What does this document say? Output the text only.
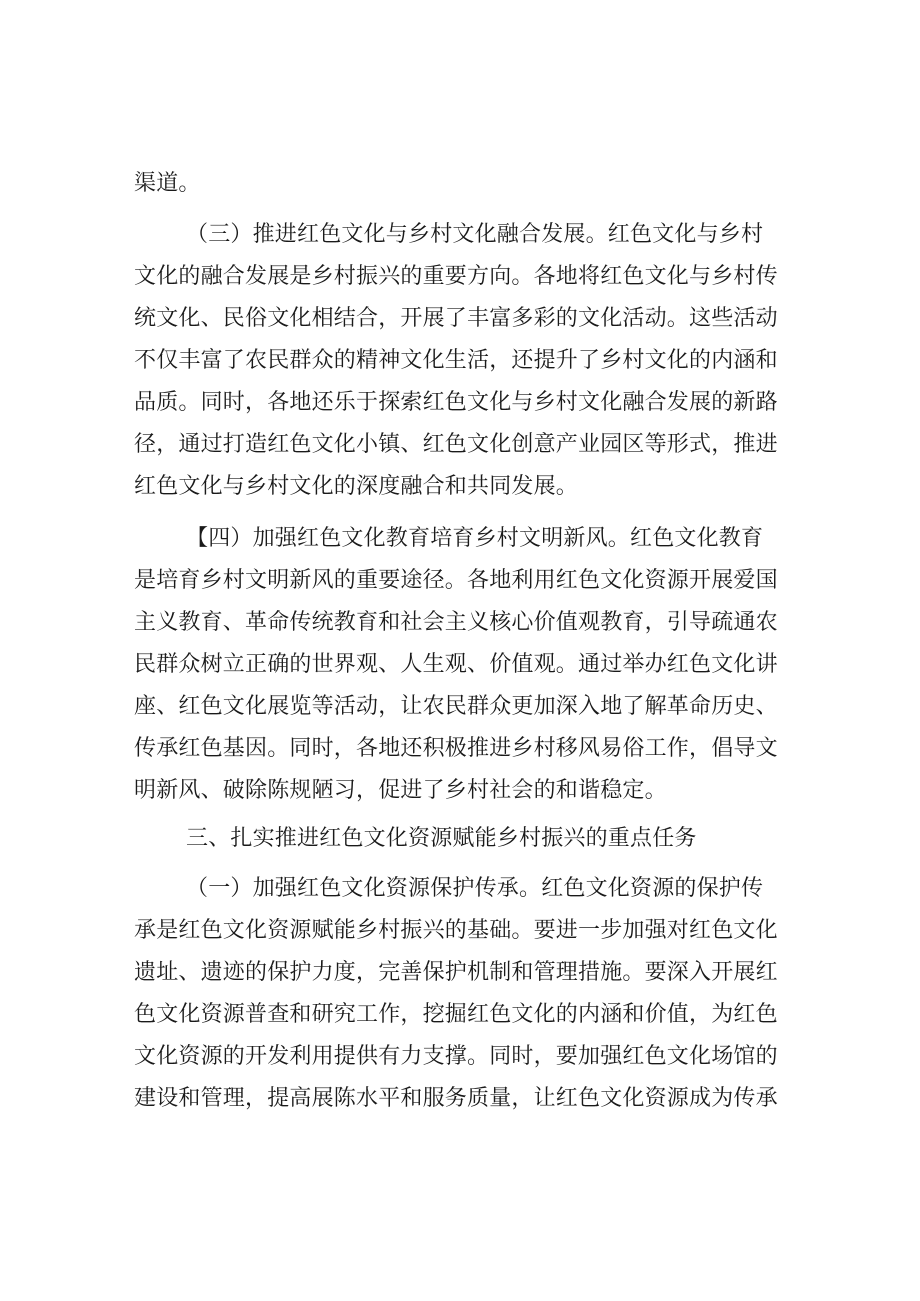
渠道。
（三）推进红色文化与乡村文化融合发展。红色文化与乡村
文化的融合发展是乡村振兴的重要方向。各地将红色文化与乡村传
统文化、民俗文化相结合，开展了丰富多彩的文化活动。这些活动
不仅丰富了农民群众的精神文化生活，还提升了乡村文化的内涵和
品质。同时，各地还乐于探索红色文化与乡村文化融合发展的新路
径，通过打造红色文化小镇、红色文化创意产业园区等形式，推进
红色文化与乡村文化的深度融合和共同发展。
【四）加强红色文化教育培育乡村文明新风。红色文化教育
是培育乡村文明新风的重要途径。各地利用红色文化资源开展爱国
主义教育、革命传统教育和社会主义核心价值观教育，引导疏通农
民群众树立正确的世界观、人生观、价值观。通过举办红色文化讲
座、红色文化展览等活动，让农民群众更加深入地了解革命历史、
传承红色基因。同时，各地还积极推进乡村移风易俗工作，倡导文
明新风、破除陈规陋习，促进了乡村社会的和谐稳定。
三、扎实推进红色文化资源赋能乡村振兴的重点任务
（一）加强红色文化资源保护传承。红色文化资源的保护传
承是红色文化资源赋能乡村振兴的基础。要进一步加强对红色文化
遗址、遗迹的保护力度，完善保护机制和管理措施。要深入开展红
色文化资源普查和研究工作，挖掘红色文化的内涵和价值，为红色
文化资源的开发利用提供有力支撑。同时，要加强红色文化场馆的
建设和管理，提高展陈水平和服务质量，让红色文化资源成为传承
